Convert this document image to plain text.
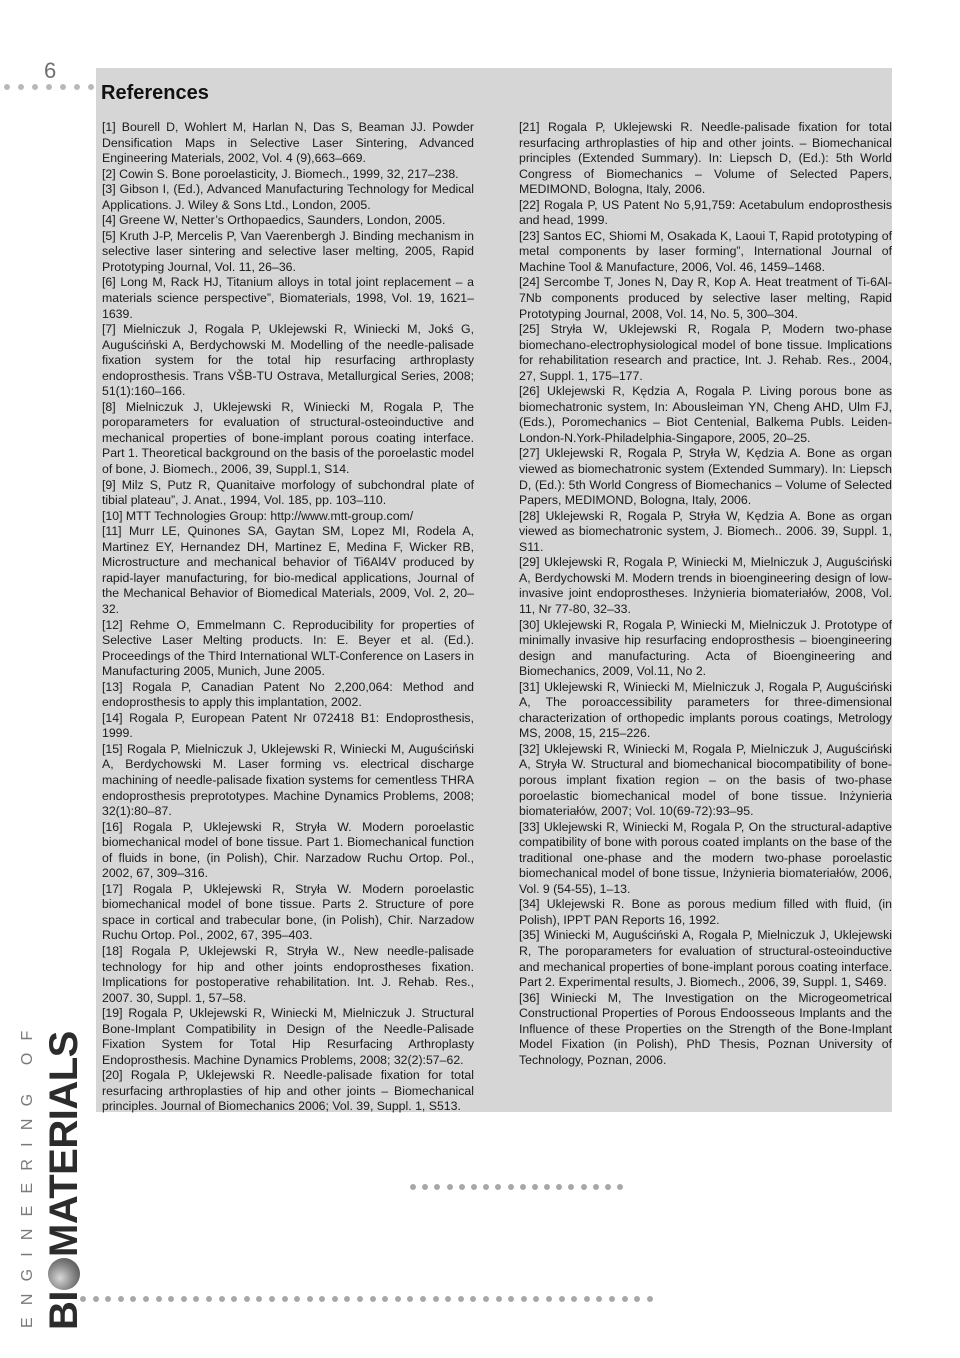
6
References

[1] Bourell D, Wohlert M, Harlan N, Das S, Beaman JJ. Powder Densification Maps in Selective Laser Sintering, Advanced Engineering Materials, 2002, Vol. 4 (9),663–669.

[2] Cowin S. Bone poroelasticity, J. Biomech., 1999, 32, 217–238.

[3] Gibson I, (Ed.), Advanced Manufacturing Technology for Medical Applications. J. Wiley & Sons Ltd., London, 2005.

[4] Greene W, Netter’s Orthopaedics, Saunders, London, 2005.

[5] Kruth J-P, Mercelis P, Van Vaerenbergh J. Binding mechanism in selective laser sintering and selective laser melting, 2005, Rapid Prototyping Journal, Vol. 11, 26–36.

[6] Long M, Rack HJ, Titanium alloys in total joint replacement – a materials science perspective”, Biomaterials, 1998, Vol. 19, 1621–1639.

[7] Mielniczuk J, Rogala P, Uklejewski R, Winiecki M, Jokś G, Auguściński A, Berdychowski M. Modelling of the needle-palisade fixation system for the total hip resurfacing arthroplasty endoprosthesis. Trans VŠB-TU Ostrava, Metallurgical Series, 2008; 51(1):160–166.

[8] Mielniczuk J, Uklejewski R, Winiecki M, Rogala P, The poroparameters for evaluation of structural-osteoinductive and mechanical properties of bone-implant porous coating interface. Part 1. Theoretical background on the basis of the poroelastic model of bone, J. Biomech., 2006, 39, Suppl.1, S14.

[9] Milz S, Putz R, Quanitaive morfology of subchondral plate of tibial plateau”, J. Anat., 1994, Vol. 185, pp. 103–110.

[10] MTT Technologies Group: http://www.mtt-group.com/

[11] Murr LE, Quinones SA, Gaytan SM, Lopez MI, Rodela A, Martinez EY, Hernandez DH, Martinez E, Medina F, Wicker RB, Microstructure and mechanical behavior of Ti6Al4V produced by rapid-layer manufacturing, for bio-medical applications, Journal of the Mechanical Behavior of Biomedical Materials, 2009, Vol. 2, 20–32.

[12] Rehme O, Emmelmann C. Reproducibility for properties of Selective Laser Melting products. In: E. Beyer et al. (Ed.). Proceedings of the Third International WLT-Conference on Lasers in Manufacturing 2005, Munich, June 2005.

[13] Rogala P, Canadian Patent No 2,200,064: Method and endoprosthesis to apply this implantation, 2002.

[14] Rogala P, European Patent Nr 072418 B1: Endoprosthesis, 1999.

[15] Rogala P, Mielniczuk J, Uklejewski R, Winiecki M, Auguściński A, Berdychowski M. Laser forming vs. electrical discharge machining of needle-palisade fixation systems for cementless THRA endoprosthesis preprototypes. Machine Dynamics Problems, 2008; 32(1):80–87.

[16] Rogala P, Uklejewski R, Stryła W. Modern poroelastic biomechanical model of bone tissue. Part 1. Biomechanical function of fluids in bone, (in Polish), Chir. Narzadow Ruchu Ortop. Pol., 2002, 67, 309–316.

[17] Rogala P, Uklejewski R, Stryła W. Modern poroelastic biomechanical model of bone tissue. Parts 2. Structure of pore space in cortical and trabecular bone, (in Polish), Chir. Narzadow Ruchu Ortop. Pol., 2002, 67, 395–403.

[18] Rogala P, Uklejewski R, Stryła W., New needle-palisade technology for hip and other joints endoprostheses fixation. Implications for postoperative rehabilitation. Int. J. Rehab. Res., 2007. 30, Suppl. 1, 57–58.

[19] Rogala P, Uklejewski R, Winiecki M, Mielniczuk J. Structural Bone-Implant Compatibility in Design of the Needle-Palisade Fixation System for Total Hip Resurfacing Arthroplasty Endoprosthesis. Machine Dynamics Problems, 2008; 32(2):57–62.

[20] Rogala P, Uklejewski R. Needle-palisade fixation for total resurfacing arthroplasties of hip and other joints – Biomechanical principles. Journal of Biomechanics 2006; Vol. 39, Suppl. 1, S513.

[21] Rogala P, Uklejewski R. Needle-palisade fixation for total resurfacing arthroplasties of hip and other joints. – Biomechanical principles (Extended Summary). In: Liepsch D, (Ed.): 5th World Congress of Biomechanics – Volume of Selected Papers, MEDIMOND, Bologna, Italy, 2006.

[22] Rogala P, US Patent No 5,91,759: Acetabulum endoprosthesis and head, 1999.

[23] Santos EC, Shiomi M, Osakada K, Laoui T, Rapid prototyping of metal components by laser forming”, International Journal of Machine Tool & Manufacture, 2006, Vol. 46, 1459–1468.

[24] Sercombe T, Jones N, Day R, Kop A. Heat treatment of Ti-6Al-7Nb components produced by selective laser melting, Rapid Prototyping Journal, 2008, Vol. 14, No. 5, 300–304.

[25] Stryła W, Uklejewski R, Rogala P, Modern two-phase biomechano-electrophysiological model of bone tissue. Implications for rehabilitation research and practice, Int. J. Rehab. Res., 2004, 27, Suppl. 1, 175–177.

[26] Uklejewski R, Kędzia A, Rogala P. Living porous bone as biomechatronic system, In: Abousleiman YN, Cheng AHD, Ulm FJ, (Eds.), Poromechanics – Biot Centenial, Balkema Publs. Leiden-London-N.York-Philadelphia-Singapore, 2005, 20–25.

[27] Uklejewski R, Rogala P, Stryła W, Kędzia A. Bone as organ viewed as biomechatronic system (Extended Summary). In: Liepsch D, (Ed.): 5th World Congress of Biomechanics – Volume of Selected Papers, MEDIMOND, Bologna, Italy, 2006.

[28] Uklejewski R, Rogala P, Stryła W, Kędzia A. Bone as organ viewed as biomechatronic system, J. Biomech.. 2006. 39, Suppl. 1, S11.

[29] Uklejewski R, Rogala P, Winiecki M, Mielniczuk J, Auguściński A, Berdychowski M. Modern trends in bioengineering design of low-invasive joint endoprostheses. Inżynieria biomateriałów, 2008, Vol. 11, Nr 77-80, 32–33.

[30] Uklejewski R, Rogala P, Winiecki M, Mielniczuk J. Prototype of minimally invasive hip resurfacing endoprosthesis – bioengineering design and manufacturing. Acta of Bioengineering and Biomechanics, 2009, Vol.11, No 2.

[31] Uklejewski R, Winiecki M, Mielniczuk J, Rogala P, Auguściński A, The poroaccessibility parameters for three-dimensional characterization of orthopedic implants porous coatings, Metrology MS, 2008, 15, 215–226.

[32] Uklejewski R, Winiecki M, Rogala P, Mielniczuk J, Auguściński A, Stryła W. Structural and biomechanical biocompatibility of bone-porous implant fixation region – on the basis of two-phase poroelastic biomechanical model of bone tissue. Inżynieria biomateriałów, 2007; Vol. 10(69-72):93–95.

[33] Uklejewski R, Winiecki M, Rogala P, On the structural-adaptive compatibility of bone with porous coated implants on the base of the traditional one-phase and the modern two-phase poroelastic biomechanical model of bone tissue, Inżynieria biomateriałów, 2006, Vol. 9 (54-55), 1–13.

[34] Uklejewski R. Bone as porous medium filled with fluid, (in Polish), IPPT PAN Reports 16, 1992.

[35] Winiecki M, Auguściński A, Rogala P, Mielniczuk J, Uklejewski R, The poroparameters for evaluation of structural-osteoinductive and mechanical properties of bone-implant porous coating interface. Part 2. Experimental results, J. Biomech., 2006, 39, Suppl. 1, S469.

[36] Winiecki M, The Investigation on the Microgeometrical Constructional Properties of Porous Endoosseous Implants and the Influence of these Properties on the Strength of the Bone-Implant Model Fixation (in Polish), PhD Thesis, Poznan University of Technology, Poznan, 2006.

ENGINEERING OF BIMATERIALS
